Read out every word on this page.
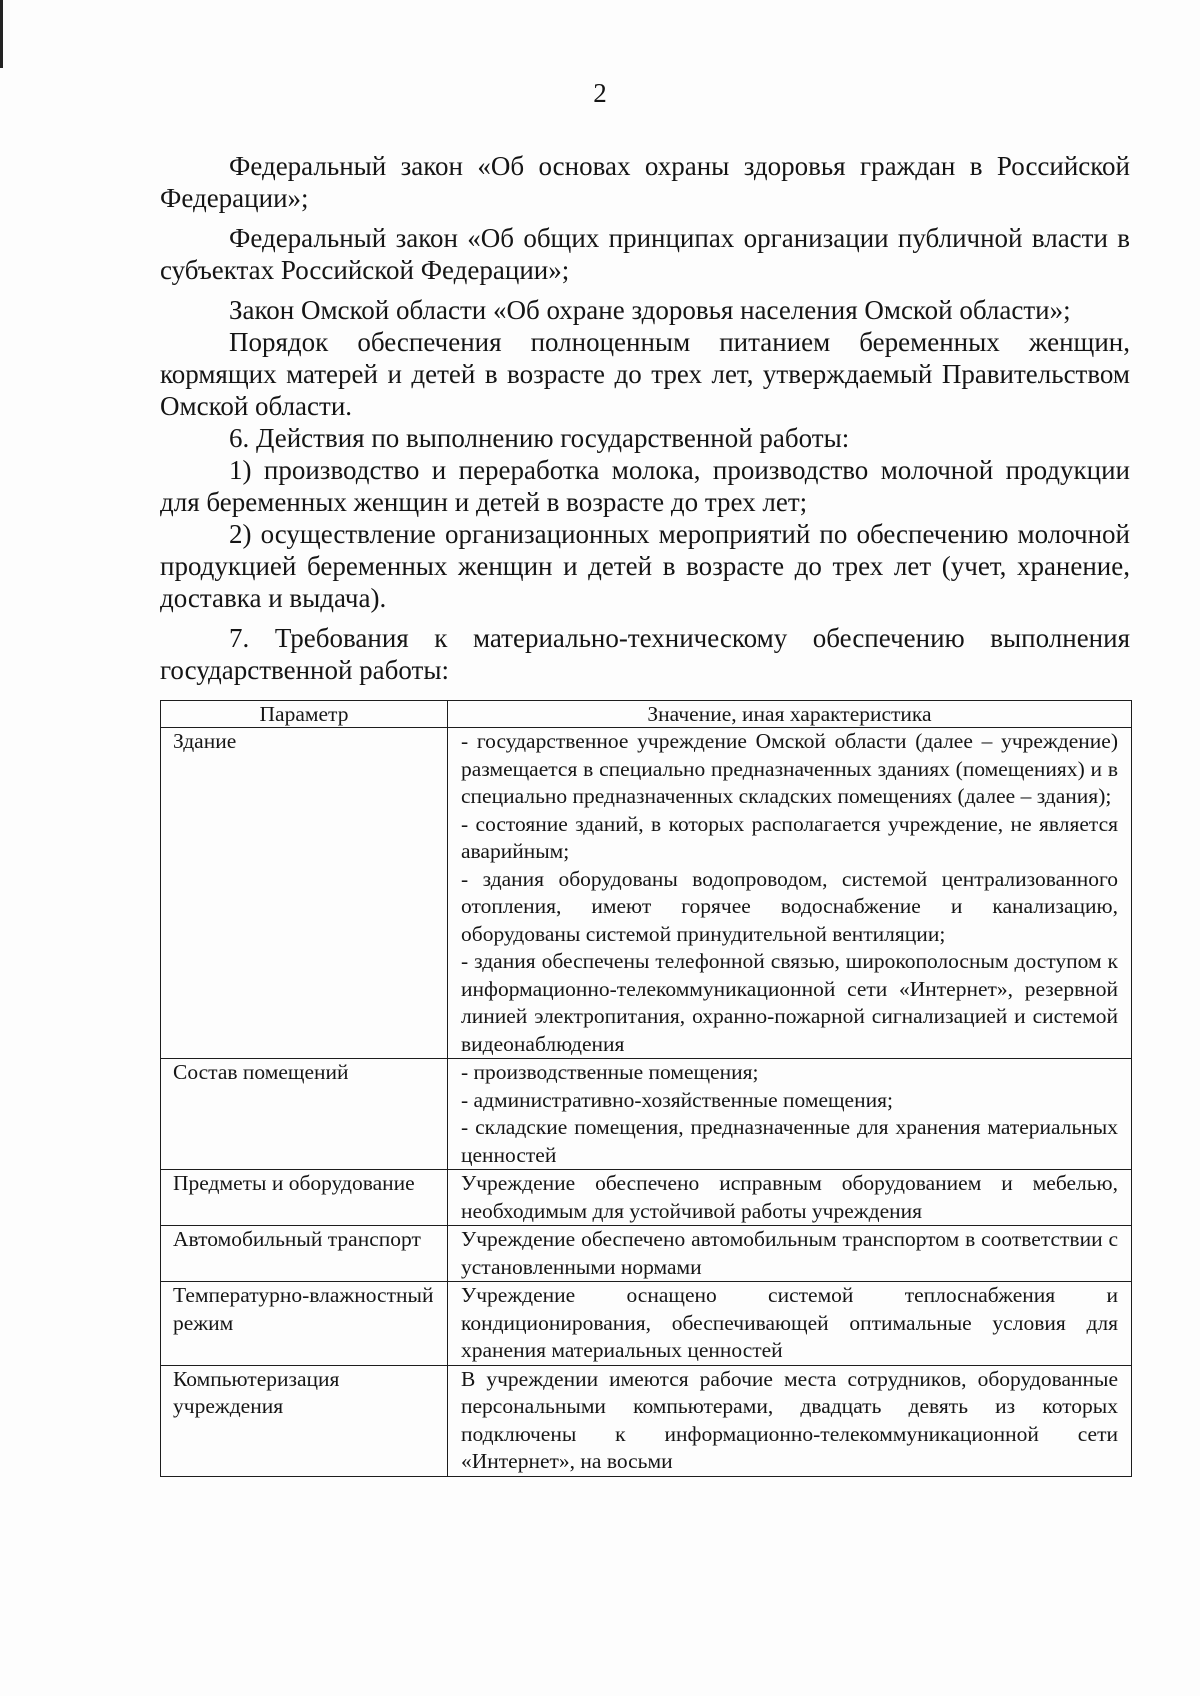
2

Федеральный закон «Об основах охраны здоровья граждан в Российской Федерации»;

Федеральный закон «Об общих принципах организации публичной власти в субъектах Российской Федерации»;

Закон Омской области «Об охране здоровья населения Омской области»;

Порядок обеспечения полноценным питанием беременных женщин, кормящих матерей и детей в возрасте до трех лет, утверждаемый Правительством Омской области.

6. Действия по выполнению государственной работы:

1) производство и переработка молока, производство молочной продукции для беременных женщин и детей в возрасте до трех лет;

2) осуществление организационных мероприятий по обеспечению молочной продукцией беременных женщин и детей в возрасте до трех лет (учет, хранение, доставка и выдача).

7. Требования к материально-техническому обеспечению выполнения государственной работы:

Параметр	Значение, иная характеристика
Здание	- государственное учреждение Омской области (далее – учреждение) размещается в специально предназначенных зданиях (помещениях) и в специально предназначенных складских помещениях (далее – здания);
- состояние зданий, в которых располагается учреждение, не является аварийным;
- здания оборудованы водопроводом, системой централизованного отопления, имеют горячее водоснабжение и канализацию, оборудованы системой принудительной вентиляции;
- здания обеспечены телефонной связью, широкополосным доступом к информационно-телекоммуникационной сети «Интернет», резервной линией электропитания, охранно-пожарной сигнализацией и системой видеонаблюдения

Состав помещений	- производственные помещения;
- административно-хозяйственные помещения;
- складские помещения, предназначенные для хранения материальных ценностей

Предметы и оборудование	Учреждение обеспечено исправным оборудованием и мебелью, необходимым для устойчивой работы учреждения

Автомобильный транспорт	Учреждение обеспечено автомобильным транспортом в соответствии с установленными нормами

Температурно-влажностный режим	Учреждение оснащено системой теплоснабжения и кондиционирования, обеспечивающей оптимальные условия для хранения материальных ценностей

Компьютеризация учреждения	В учреждении имеются рабочие места сотрудников, оборудованные персональными компьютерами, двадцать девять из которых подключены к информационно-телекоммуникационной сети «Интернет», на восьми
